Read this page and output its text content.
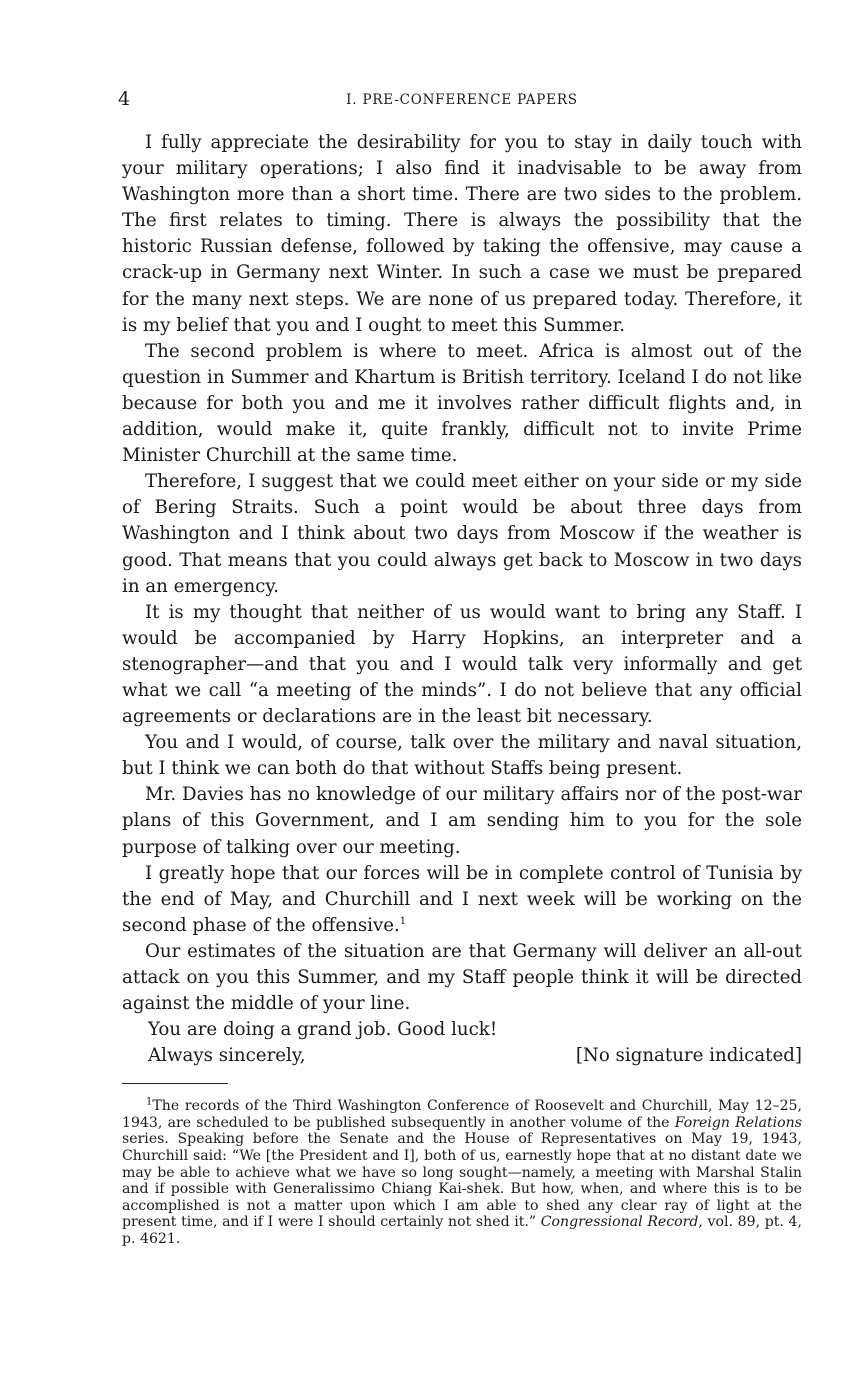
4	I. PRE-CONFERENCE PAPERS

I fully appreciate the desirability for you to stay in daily touch with your military operations; I also find it inadvisable to be away from Washington more than a short time. There are two sides to the problem. The first relates to timing. There is always the possibility that the historic Russian defense, followed by taking the offensive, may cause a crack-up in Germany next Winter. In such a case we must be prepared for the many next steps. We are none of us prepared today. Therefore, it is my belief that you and I ought to meet this Summer.

The second problem is where to meet. Africa is almost out of the question in Summer and Khartum is British territory. Iceland I do not like because for both you and me it involves rather difficult flights and, in addition, would make it, quite frankly, difficult not to invite Prime Minister Churchill at the same time.

Therefore, I suggest that we could meet either on your side or my side of Bering Straits. Such a point would be about three days from Washington and I think about two days from Moscow if the weather is good. That means that you could always get back to Moscow in two days in an emergency.

It is my thought that neither of us would want to bring any Staff. I would be accompanied by Harry Hopkins, an interpreter and a stenographer—and that you and I would talk very informally and get what we call “a meeting of the minds”. I do not believe that any official agreements or declarations are in the least bit necessary.

You and I would, of course, talk over the military and naval situation, but I think we can both do that without Staffs being present.

Mr. Davies has no knowledge of our military affairs nor of the post-war plans of this Government, and I am sending him to you for the sole purpose of talking over our meeting.

I greatly hope that our forces will be in complete control of Tunisia by the end of May, and Churchill and I next week will be working on the second phase of the offensive.$^1$

Our estimates of the situation are that Germany will deliver an all-out attack on you this Summer, and my Staff people think it will be directed against the middle of your line.

You are doing a grand job. Good luck!

Always sincerely,	[No signature indicated]

$^1$The records of the Third Washington Conference of Roosevelt and Churchill, May 12–25, 1943, are scheduled to be published subsequently in another volume of the Foreign Relations series. Speaking before the Senate and the House of Representatives on May 19, 1943, Churchill said: “We [the President and I], both of us, earnestly hope that at no distant date we may be able to achieve what we have so long sought—namely, a meeting with Marshal Stalin and if possible with Generalissimo Chiang Kai-shek. But how, when, and where this is to be accomplished is not a matter upon which I am able to shed any clear ray of light at the present time, and if I were I should certainly not shed it.” Congressional Record, vol. 89, pt. 4, p. 4621.
